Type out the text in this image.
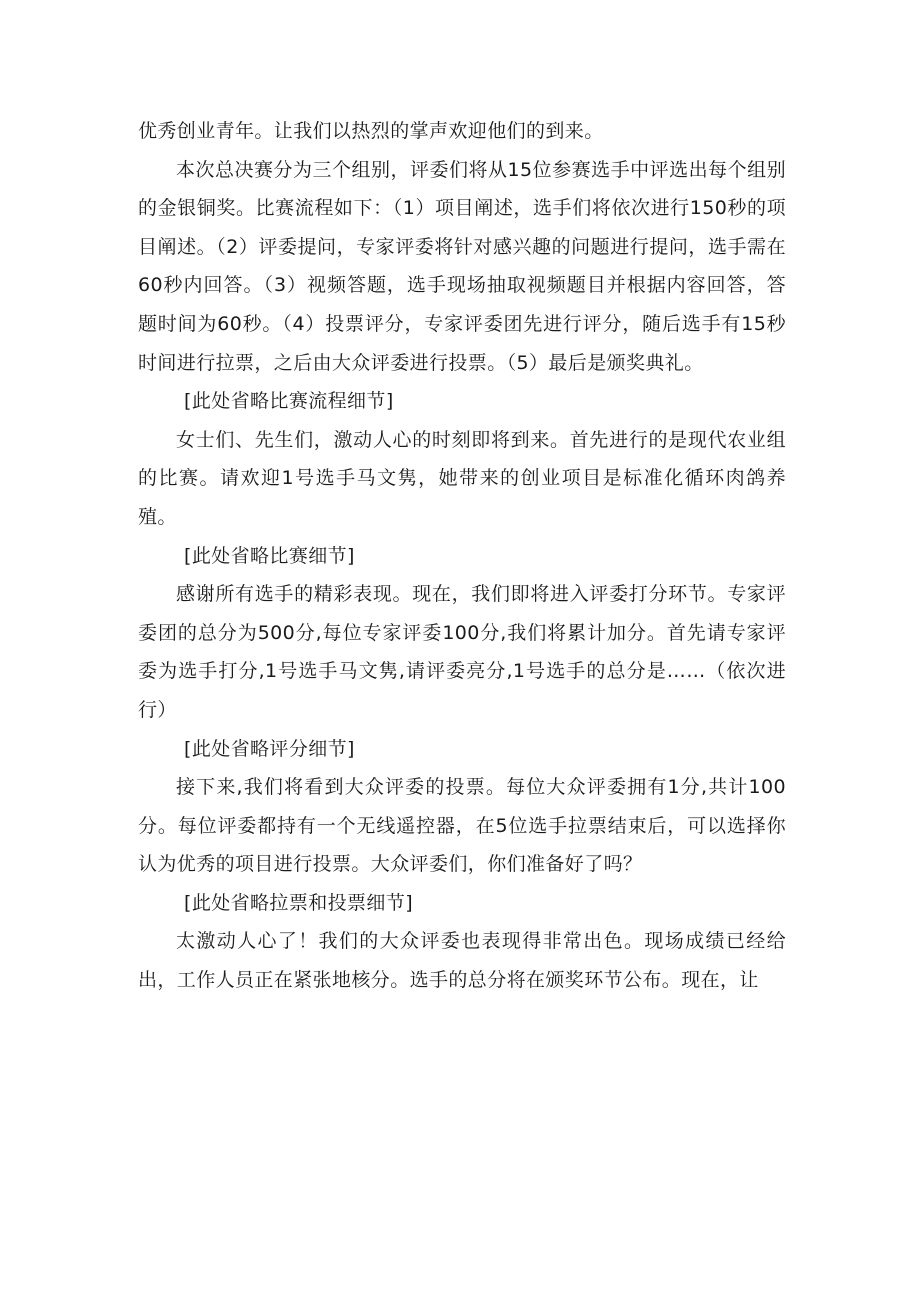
优秀创业青年。让我们以热烈的掌声欢迎他们的到来。

本次总决赛分为三个组别，评委们将从15位参赛选手中评选出每个组别的金银铜奖。比赛流程如下：（1）项目阐述，选手们将依次进行150秒的项目阐述。（2）评委提问，专家评委将针对感兴趣的问题进行提问，选手需在60秒内回答。（3）视频答题，选手现场抽取视频题目并根据内容回答，答题时间为60秒。（4）投票评分，专家评委团先进行评分，随后选手有15秒时间进行拉票，之后由大众评委进行投票。（5）最后是颁奖典礼。

[此处省略比赛流程细节]

女士们、先生们，激动人心的时刻即将到来。首先进行的是现代农业组的比赛。请欢迎1号选手马文隽，她带来的创业项目是标准化循环肉鸽养殖。

[此处省略比赛细节]

感谢所有选手的精彩表现。现在，我们即将进入评委打分环节。专家评委团的总分为500分,每位专家评委100分,我们将累计加分。首先请专家评委为选手打分,1号选手马文隽,请评委亮分,1号选手的总分是……（依次进行）

[此处省略评分细节]

接下来,我们将看到大众评委的投票。每位大众评委拥有1分,共计100分。每位评委都持有一个无线遥控器，在5位选手拉票结束后，可以选择你认为优秀的项目进行投票。大众评委们，你们准备好了吗？

[此处省略拉票和投票细节]

太激动人心了！我们的大众评委也表现得非常出色。现场成绩已经给出，工作人员正在紧张地核分。选手的总分将在颁奖环节公布。现在，让
